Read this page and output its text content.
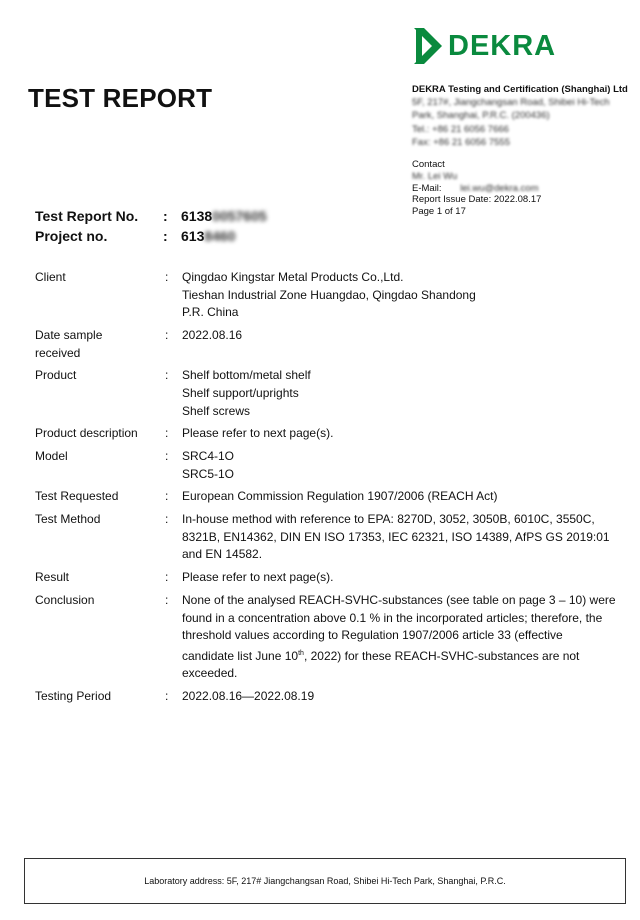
DEKRA
TEST REPORT	DEKRA Testing and Certification (Shanghai) Ltd
5F, 217#, Jiangchangsan Road, Shibei Hi-Tech
Park, Shanghai, P.R.C. (200436)
Tel.: +86 21 6056 7666
Fax: +86 21 6056 7555
Contact
Mr. Lei Wu
E-Mail: lei.wu@dekra.com
Report Issue Date: 2022.08.17
Page 1 of 17
Test Report No.	: 6138 0057605
Project no.	: 613 8460
Client	:	Qingdao Kingstar Metal Products Co.,Ltd.
Tieshan Industrial Zone Huangdao, Qingdao Shandong
P.R. China
Date sample
received
:	2022.08.16
Product	:	Shelf bottom/metal shelf
Shelf support/uprights
Shelf screws
Product description	:	Please refer to next page(s).
Model	:	SRC4-1O
SRC5-1O
Test Requested	:	European Commission Regulation 1907/2006 (REACH Act)
Test Method	:	In-house method with reference to EPA: 8270D, 3052, 3050B, 6010C, 3550C,
8321B, EN14362, DIN EN ISO 17353, IEC 62321, ISO 14389, AfPS GS 2019:01
and EN 14582.
Result	:	Please refer to next page(s).
Conclusion	:	None of the analysed REACH-SVHC-substances (see table on page 3 – 10) were
found in a concentration above 0.1 % in the incorporated articles; therefore, the
threshold values according to Regulation 1907/2006 article 33 (effective
candidate list June 10th, 2022) for these REACH-SVHC-substances are not
exceeded.
Testing Period	:	2022.08.16—2022.08.19
Laboratory address: 5F, 217# Jiangchangsan Road, Shibei Hi-Tech Park, Shanghai, P.R.C.
